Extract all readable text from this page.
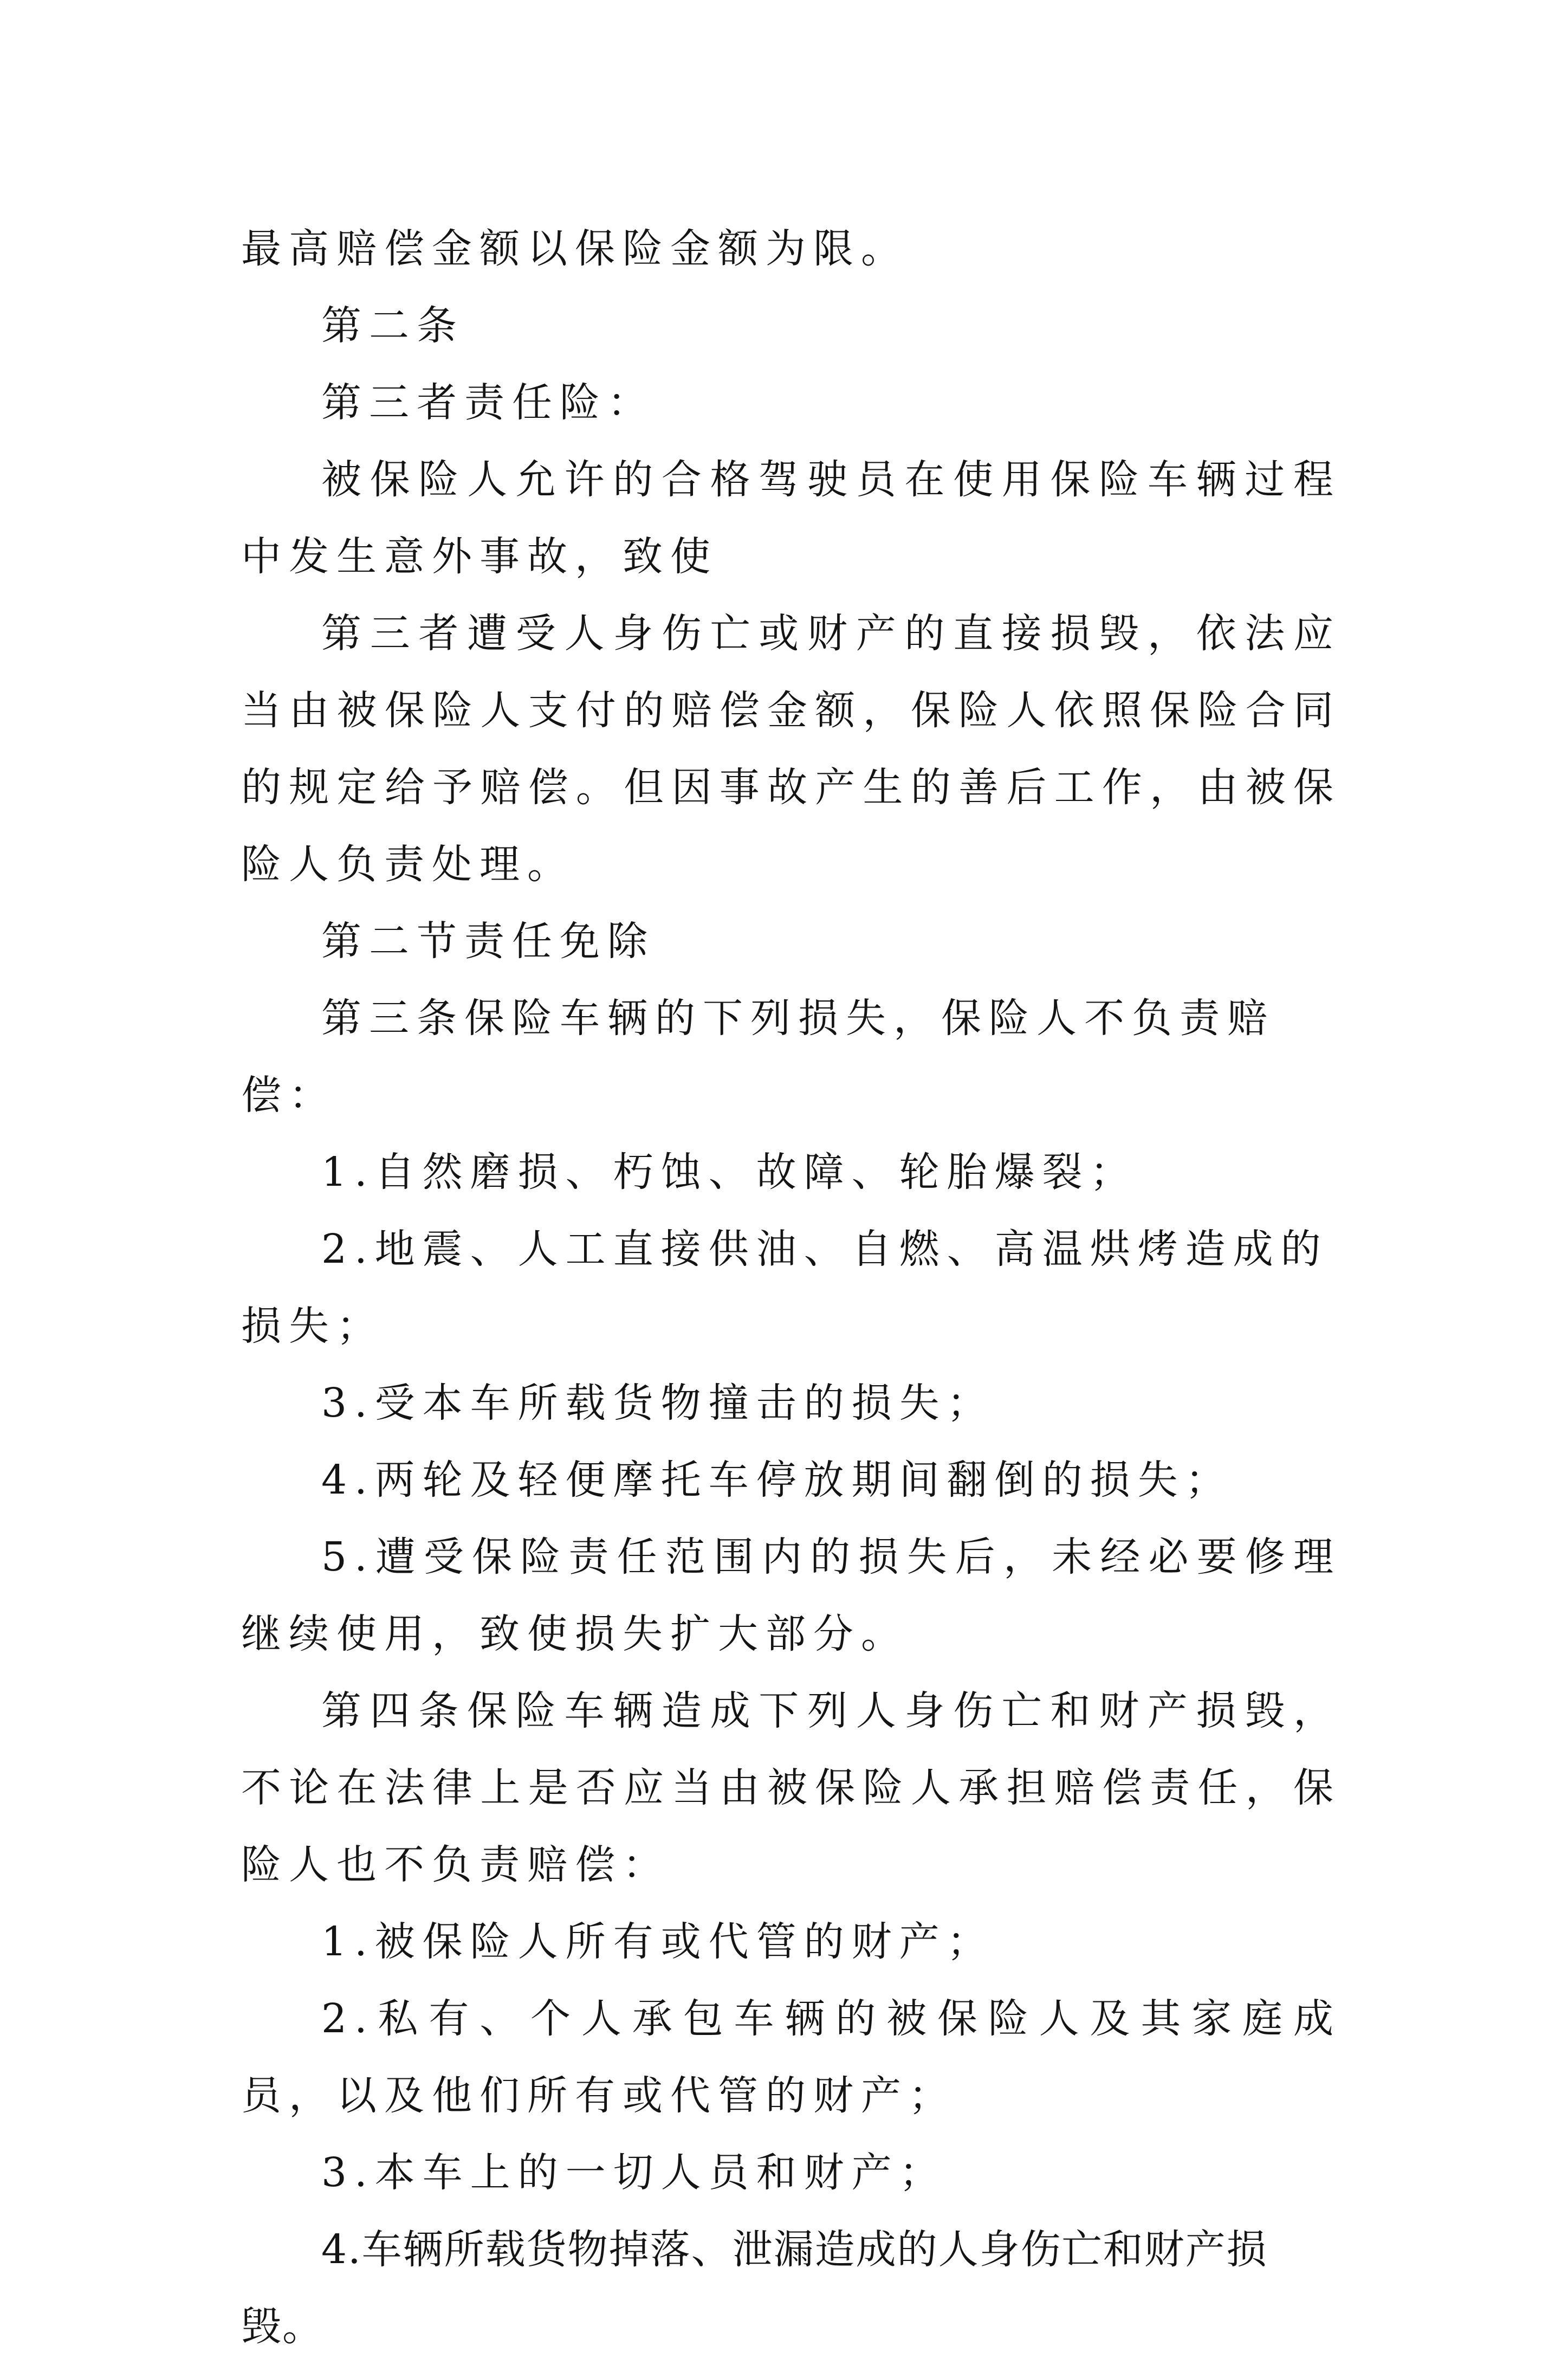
最高赔偿金额以保险金额为限。

第二条

第三者责任险：

被保险人允许的合格驾驶员在使用保险车辆过程中发生意外事故，致使

第三者遭受人身伤亡或财产的直接损毁，依法应当由被保险人支付的赔偿金额，保险人依照保险合同的规定给予赔偿。但因事故产生的善后工作，由被保险人负责处理。

第二节责任免除

第三条保险车辆的下列损失，保险人不负责赔偿：

1.自然磨损、朽蚀、故障、轮胎爆裂；

2.地震、人工直接供油、自燃、高温烘烤造成的损失；

3.受本车所载货物撞击的损失；

4.两轮及轻便摩托车停放期间翻倒的损失；

5.遭受保险责任范围内的损失后，未经必要修理继续使用，致使损失扩大部分。

第四条保险车辆造成下列人身伤亡和财产损毁，不论在法律上是否应当由被保险人承担赔偿责任，保险人也不负责赔偿：

1.被保险人所有或代管的财产；

2.私有、个人承包车辆的被保险人及其家庭成员，以及他们所有或代管的财产；

3.本车上的一切人员和财产；

4.车辆所载货物掉落、泄漏造成的人身伤亡和财产损毁。
